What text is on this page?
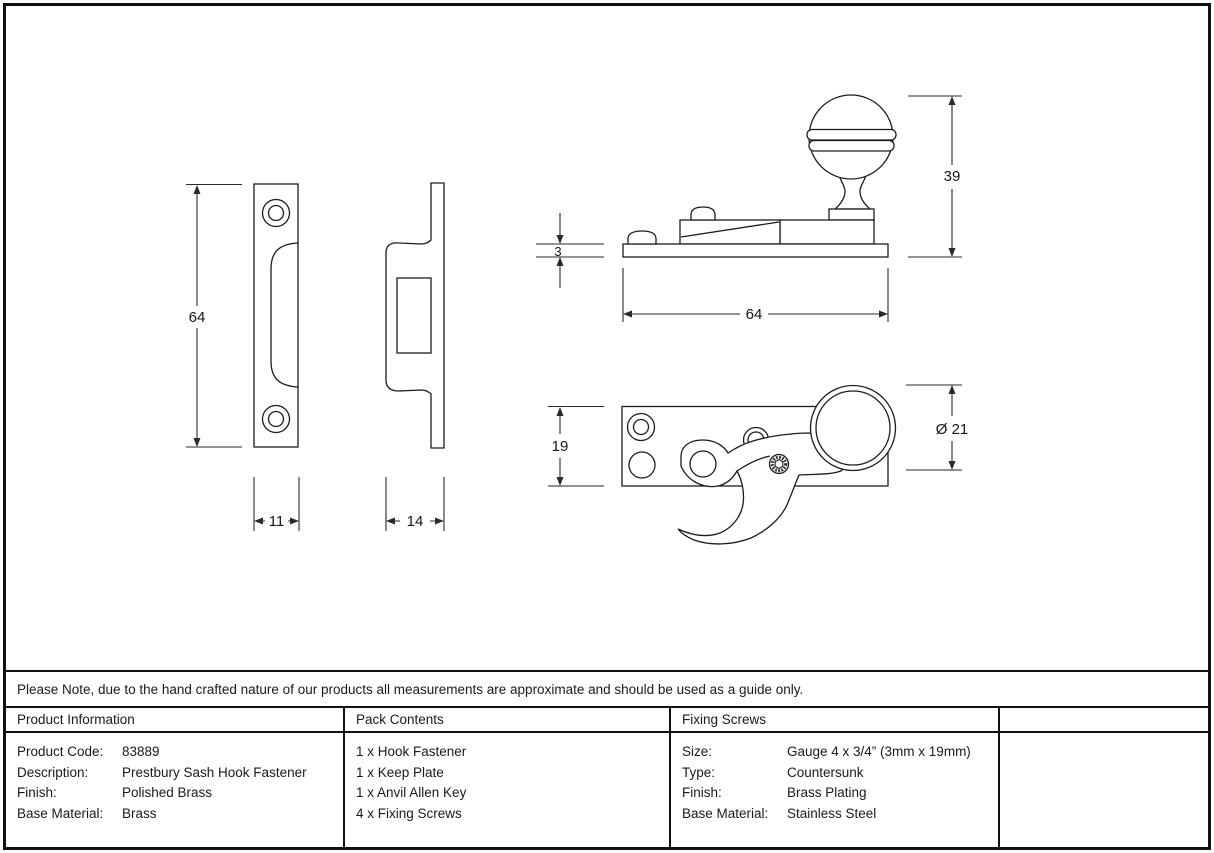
64
11	14
39
3
64
19
Ø 21
Please Note, due to the hand crafted nature of our products all measurements are approximate and should be used as a guide only.
Product Information	Pack Contents	Fixing Screws
Product Code:	83889
Description:	Prestbury Sash Hook Fastener
Finish:	Polished Brass
Base Material:	Brass
1 x Hook Fastener
1 x Keep Plate
1 x Anvil Allen Key
4 x Fixing Screws
Size:	Gauge 4 x 3/4” (3mm x 19mm)
Type:	Countersunk
Finish:	Brass Plating
Base Material:	Stainless Steel
